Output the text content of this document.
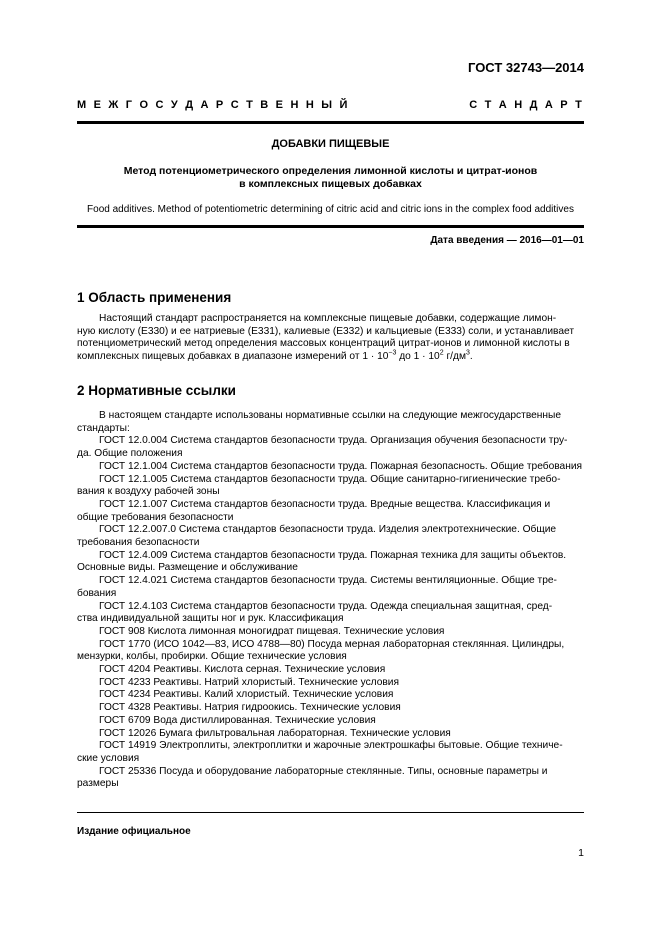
ГОСТ 32743—2014
М Е Ж Г О С У Д А Р С Т В Е Н Н Ы Й	С Т А Н Д А Р Т
ДОБАВКИ ПИЩЕВЫЕ
Метод потенциометрического определения лимонной кислоты и цитрат-ионов
в комплексных пищевых добавках
Food additives. Method of potentiometric determining of citric acid and citric ions in the complex food additives
Дата введения — 2016—01—01
1 Область применения
Настоящий стандарт распространяется на комплексные пищевые добавки, содержащие лимон-
ную кислоту (Е330) и ее натриевые (Е331), калиевые (Е332) и кальциевые (Е333) соли, и устанавливает
потенциометрический метод определения массовых концентраций цитрат-ионов и лимонной кислоты в
комплексных пищевых добавках в диапазоне измерений от $1 \cdot 10^{-3}$ до $1 \cdot 10^2$ $г/дм^3$.
2 Нормативные ссылки
В настоящем стандарте использованы нормативные ссылки на следующие межгосударственные
стандарты:
ГОСТ 12.0.004 Система стандартов безопасности труда. Организация обучения безопасности тру-
да. Общие положения
ГОСТ 12.1.004 Система стандартов безопасности труда. Пожарная безопасность. Общие требования
ГОСТ 12.1.005 Система стандартов безопасности труда. Общие санитарно-гигиенические требо-
вания к воздуху рабочей зоны
ГОСТ 12.1.007 Система стандартов безопасности труда. Вредные вещества. Классификация и
общие требования безопасности
ГОСТ 12.2.007.0 Система стандартов безопасности труда. Изделия электротехнические. Общие
требования безопасности
ГОСТ 12.4.009 Система стандартов безопасности труда. Пожарная техника для защиты объектов.
Основные виды. Размещение и обслуживание
ГОСТ 12.4.021 Система стандартов безопасности труда. Системы вентиляционные. Общие тре-
бования
ГОСТ 12.4.103 Система стандартов безопасности труда. Одежда специальная защитная, сред-
ства индивидуальной защиты ног и рук. Классификация
ГОСТ 908 Кислота лимонная моногидрат пищевая. Технические условия
ГОСТ 1770 (ИСО 1042—83, ИСО 4788—80) Посуда мерная лабораторная стеклянная. Цилиндры,
мензурки, колбы, пробирки. Общие технические условия
ГОСТ 4204 Реактивы. Кислота серная. Технические условия
ГОСТ 4233 Реактивы. Натрий хлористый. Технические условия
ГОСТ 4234 Реактивы. Калий хлористый. Технические условия
ГОСТ 4328 Реактивы. Натрия гидроокись. Технические условия
ГОСТ 6709 Вода дистиллированная. Технические условия
ГОСТ 12026 Бумага фильтровальная лабораторная. Технические условия
ГОСТ 14919 Электроплиты, электроплитки и жарочные электрошкафы бытовые. Общие техниче-
ские условия
ГОСТ 25336 Посуда и оборудование лабораторные стеклянные. Типы, основные параметры и
размеры
Издание официальное
1
